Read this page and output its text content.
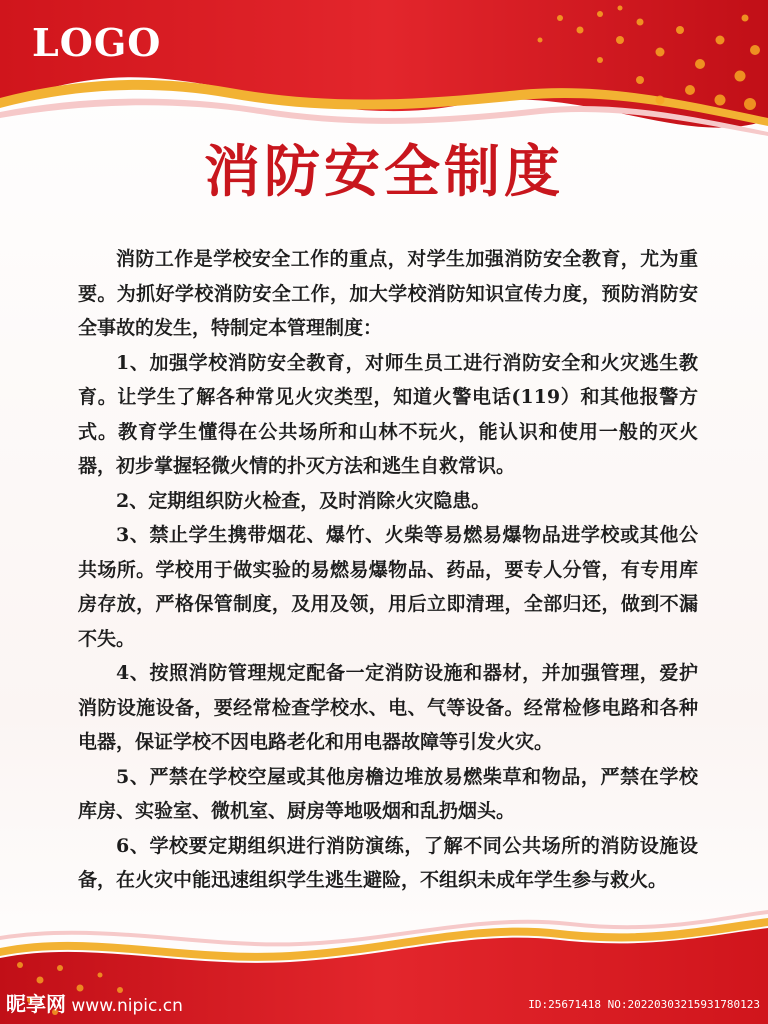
LOGO
消防安全制度

消防工作是学校安全工作的重点，对学生加强消防安全教育，尤为重要。为抓好学校消防安全工作，加大学校消防知识宣传力度，预防消防安全事故的发生，特制定本管理制度：

1、加强学校消防安全教育，对师生员工进行消防安全和火灾逃生教育。让学生了解各种常见火灾类型，知道火警电话(119）和其他报警方式。教育学生懂得在公共场所和山林不玩火，能认识和使用一般的灭火器，初步掌握轻微火情的扑灭方法和逃生自救常识。

2、定期组织防火检查，及时消除火灾隐患。

3、禁止学生携带烟花、爆竹、火柴等易燃易爆物品进学校或其他公共场所。学校用于做实验的易燃易爆物品、药品，要专人分管，有专用库房存放，严格保管制度，及用及领，用后立即清理，全部归还，做到不漏不失。

4、按照消防管理规定配备一定消防设施和器材，并加强管理，爱护消防设施设备，要经常检查学校水、电、气等设备。经常检修电路和各种电器，保证学校不因电路老化和用电器故障等引发火灾。

5、严禁在学校空屋或其他房檐边堆放易燃柴草和物品，严禁在学校库房、实验室、微机室、厨房等地吸烟和乱扔烟头。

6、学校要定期组织进行消防演练，了解不同公共场所的消防设施设备，在火灾中能迅速组织学生逃生避险，不组织未成年学生参与救火。

昵享网 www.nipic.cn	ID:25671418 NO:20220303215931780123
